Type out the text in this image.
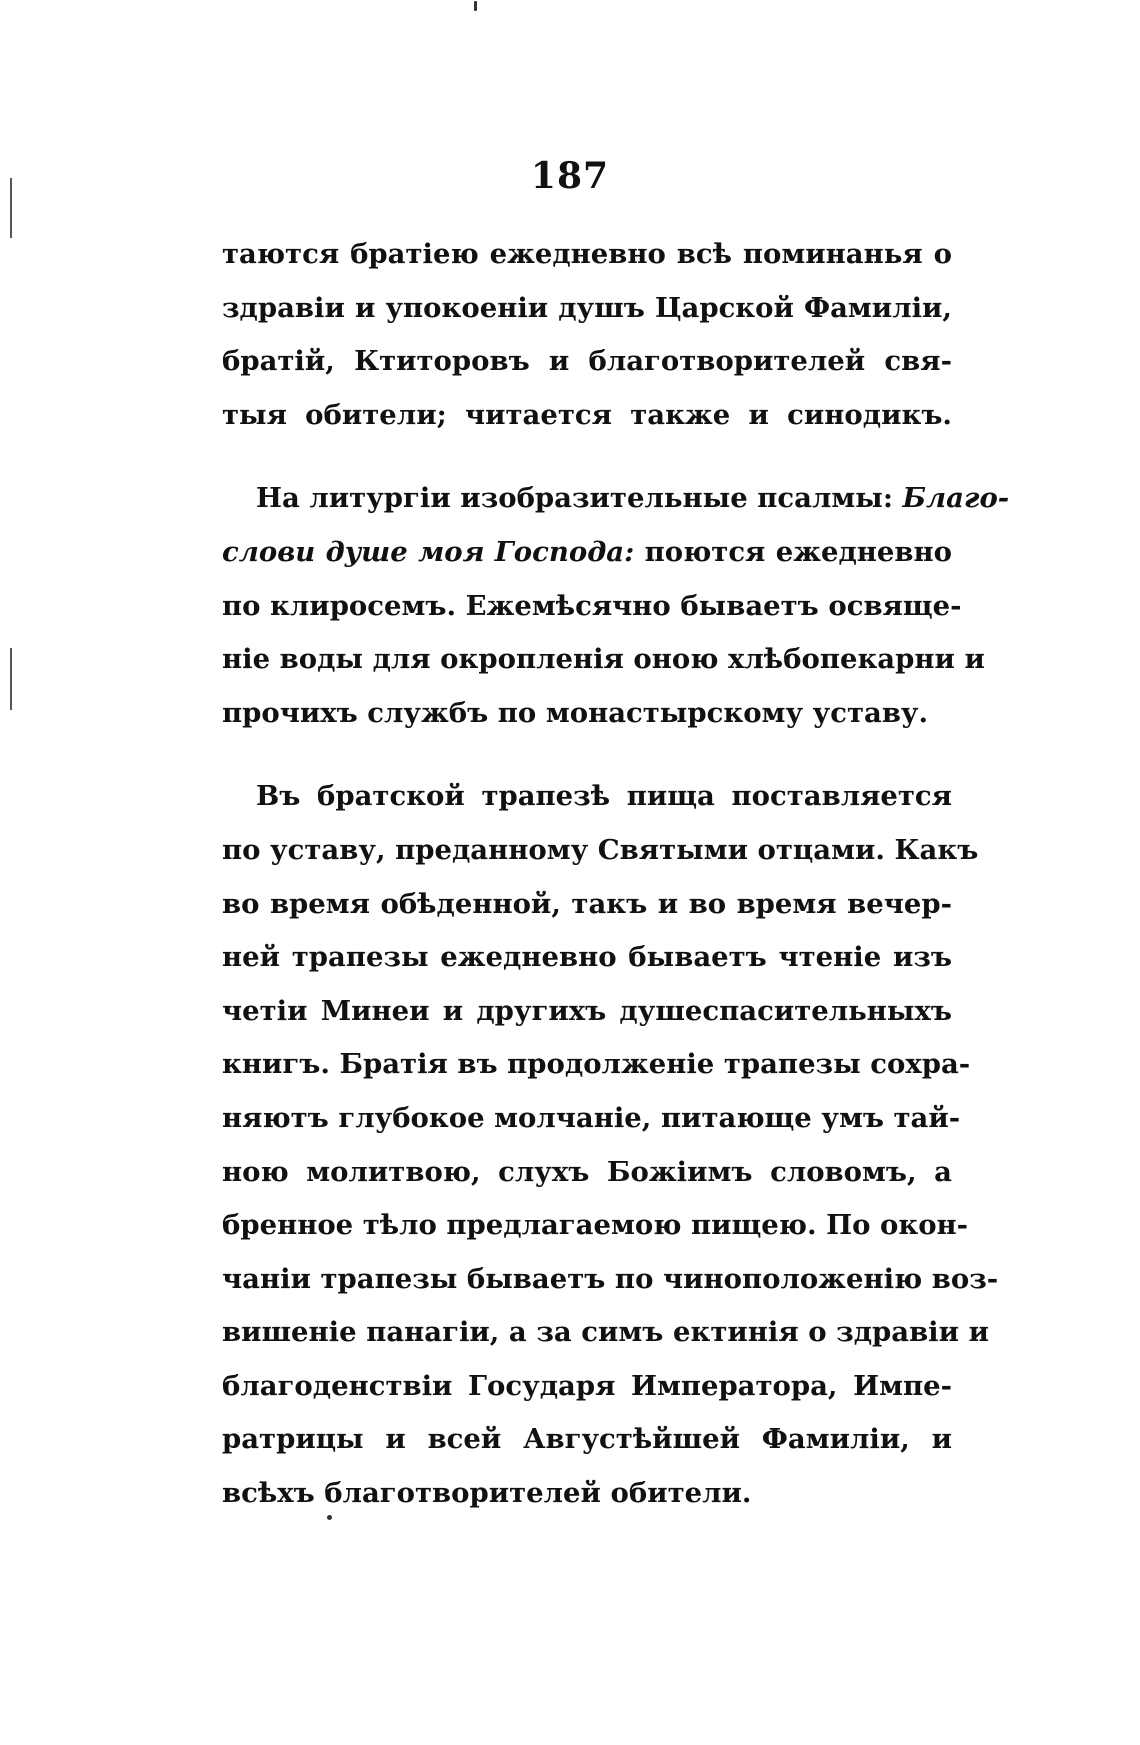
187

таются братiею ежедневно всѣ поминанья о
здравiи и упокоенiи душъ Царской Фамилiи,
братiй, Ктиторовъ и благотворителей свя-
тыя обители; читается также и синодикъ.

На литургiи изобразительные псалмы: Благо-
слови душе моя Господа: поются ежедневно
по клиросемъ. Ежемѣсячно бываетъ освяще-
нiе воды для окропленiя оною хлѣбопекарни и
прочихъ службъ по монастырскому уставу.

Въ братской трапезѣ пища поставляется
по уставу, преданному Святыми отцами. Какъ
во время обѣденной, такъ и во время вечер-
ней трапезы ежедневно бываетъ чтенiе изъ
четiи Минеи и другихъ душеспасительныхъ
книгъ. Братiя въ продолженiе трапезы сохра-
няютъ глубокое молчанiе, питающе умъ тай-
ною молитвою, слухъ Божiимъ словомъ, а
бренное тѣло предлагаемою пищею. По окон-
чанiи трапезы бываетъ по чиноположенiю воз-
вишенiе панагiи, а за симъ ектинiя о здравiи и
благоденствiи Государя Императора, Импе-
ратрицы и всей Августѣйшей Фамилiи, и
всѣхъ благотворителей обители.
